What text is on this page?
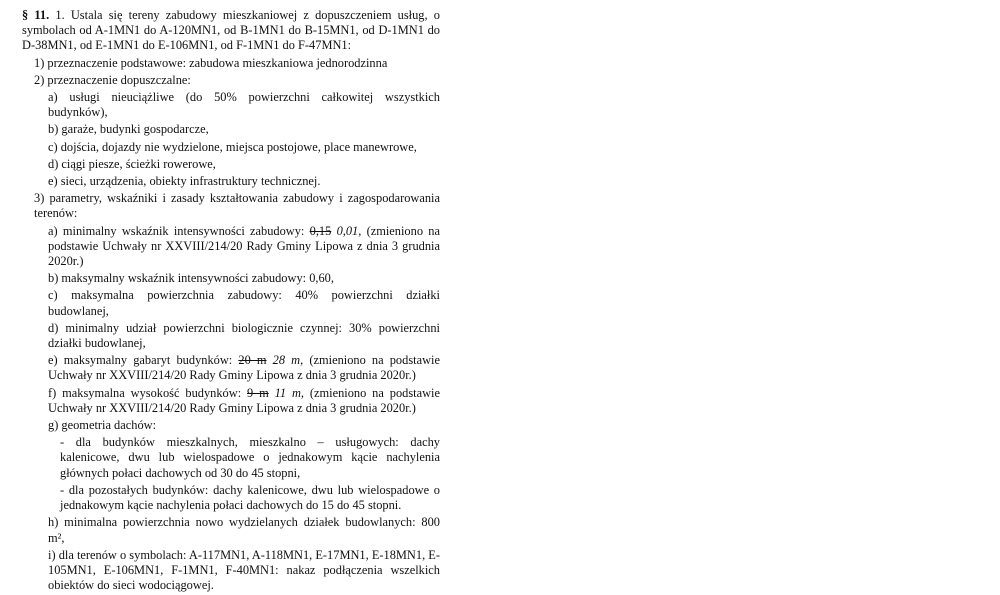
§ 11. 1. Ustala się tereny zabudowy mieszkaniowej z dopuszczeniem usług, o symbolach od A-1MN1 do A-120MN1, od B-1MN1 do B-15MN1, od D-1MN1 do D-38MN1, od E-1MN1 do E-106MN1, od F-1MN1 do F-47MN1:

1) przeznaczenie podstawowe: zabudowa mieszkaniowa jednorodzinna

2) przeznaczenie dopuszczalne:

a) usługi nieuciążliwe (do 50% powierzchni całkowitej wszystkich budynków),

b) garaże, budynki gospodarcze,

c) dojścia, dojazdy nie wydzielone, miejsca postojowe, place manewrowe,

d) ciągi piesze, ścieżki rowerowe,

e) sieci, urządzenia, obiekty infrastruktury technicznej.

3) parametry, wskaźniki i zasady kształtowania zabudowy i zagospodarowania terenów:

a) minimalny wskaźnik intensywności zabudowy: 0,15 0,01, (zmieniono na podstawie Uchwały nr XXVIII/214/20 Rady Gminy Lipowa z dnia 3 grudnia 2020r.)

b) maksymalny wskaźnik intensywności zabudowy: 0,60,

c) maksymalna powierzchnia zabudowy: 40% powierzchni działki budowlanej,

d) minimalny udział powierzchni biologicznie czynnej: 30% powierzchni działki budowlanej,

e) maksymalny gabaryt budynków: 20 m 28 m, (zmieniono na podstawie Uchwały nr XXVIII/214/20 Rady Gminy Lipowa z dnia 3 grudnia 2020r.)

f) maksymalna wysokość budynków: 9 m 11 m, (zmieniono na podstawie Uchwały nr XXVIII/214/20 Rady Gminy Lipowa z dnia 3 grudnia 2020r.)

g) geometria dachów:

- dla budynków mieszkalnych, mieszkalno – usługowych: dachy kalenicowe, dwu lub wielospadowe o jednakowym kącie nachylenia głównych połaci dachowych od 30 do 45 stopni,

- dla pozostałych budynków: dachy kalenicowe, dwu lub wielospadowe o jednakowym kącie nachylenia połaci dachowych do 15 do 45 stopni.

h) minimalna powierzchnia nowo wydzielanych działek budowlanych: 800 m²,

i) dla terenów o symbolach: A-117MN1, A-118MN1, E-17MN1, E-18MN1, E-105MN1, E-106MN1, F-1MN1, F-40MN1: nakaz podłączenia wszelkich obiektów do sieci wodociągowej.
